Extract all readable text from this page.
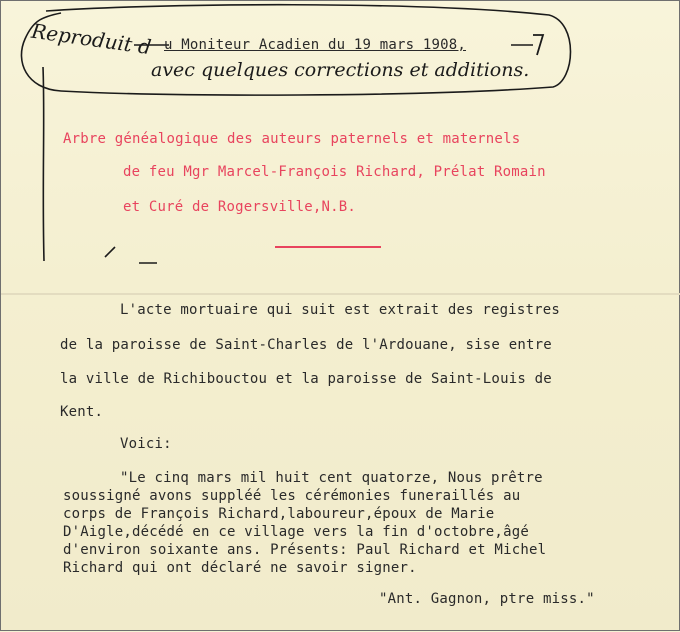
Reproduit d u Moniteur Acadien du 19 mars 1908,
avec quelques corrections et additions.
Arbre généalogique des auteurs paternels et maternels
de feu Mgr Marcel-François Richard, Prélat Romain
et Curé de Rogersville,N.B.
L'acte mortuaire qui suit est extrait des registres
de la paroisse de Saint-Charles de l'Ardouane, sise entre
la ville de Richibouctou et la paroisse de Saint-Louis de
Kent.
Voici:
"Le cinq mars mil huit cent quatorze, Nous prêtre
soussigné avons suppléé les cérémonies funeraillés au
corps de François Richard,laboureur,époux de Marie
D'Aigle,décédé en ce village vers la fin d'octobre,âgé
d'environ soixante ans. Présents: Paul Richard et Michel
Richard qui ont déclaré ne savoir signer.
"Ant. Gagnon, ptre miss."
